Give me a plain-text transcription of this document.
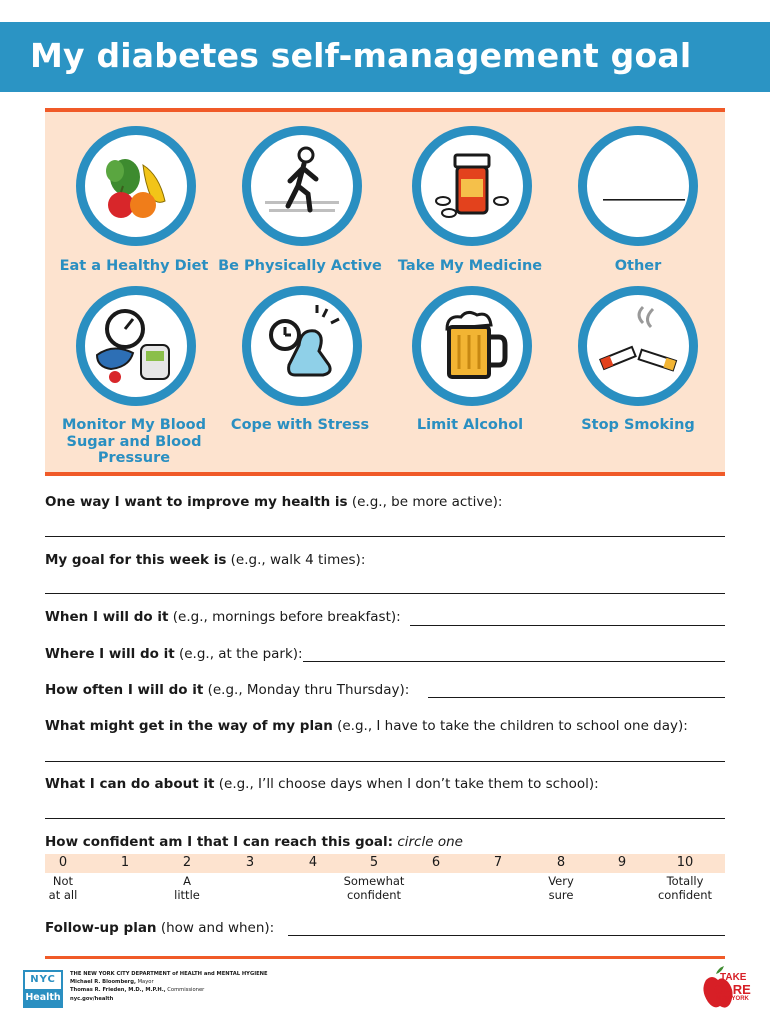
My diabetes self-management goal
Eat a Healthy Diet Be Physically Active	Take My Medicine	Other
Monitor My Blood Sugar and Blood Pressure
Cope with Stress	Limit Alcohol	Stop Smoking
One way I want to improve my health is (e.g., be more active):
My goal for this week is (e.g., walk 4 times):
When I will do it (e.g., mornings before breakfast):
Where I will do it (e.g., at the park):
How often I will do it (e.g., Monday thru Thursday):
What might get in the way of my plan (e.g., I have to take the children to school one day):
What I can do about it (e.g., I’ll choose days when I don’t take them to school):
How confident am I that I can reach this goal: circle one
0	1	2	3	4	5	6	7	8	9	10
Not
at all
A
little
Somewhat
confident
Very
sure
Totally
confident
Follow-up plan (how and when):
NYC
Health
THE NEW YORK CITY DEPARTMENT of HEALTH and MENTAL HYGIENE
Michael R. Bloomberg, Mayor
Thomas R. Frieden, M.D., M.P.H., Commissioner
nyc.gov/health
TAKE
CARE
NEW YORK
